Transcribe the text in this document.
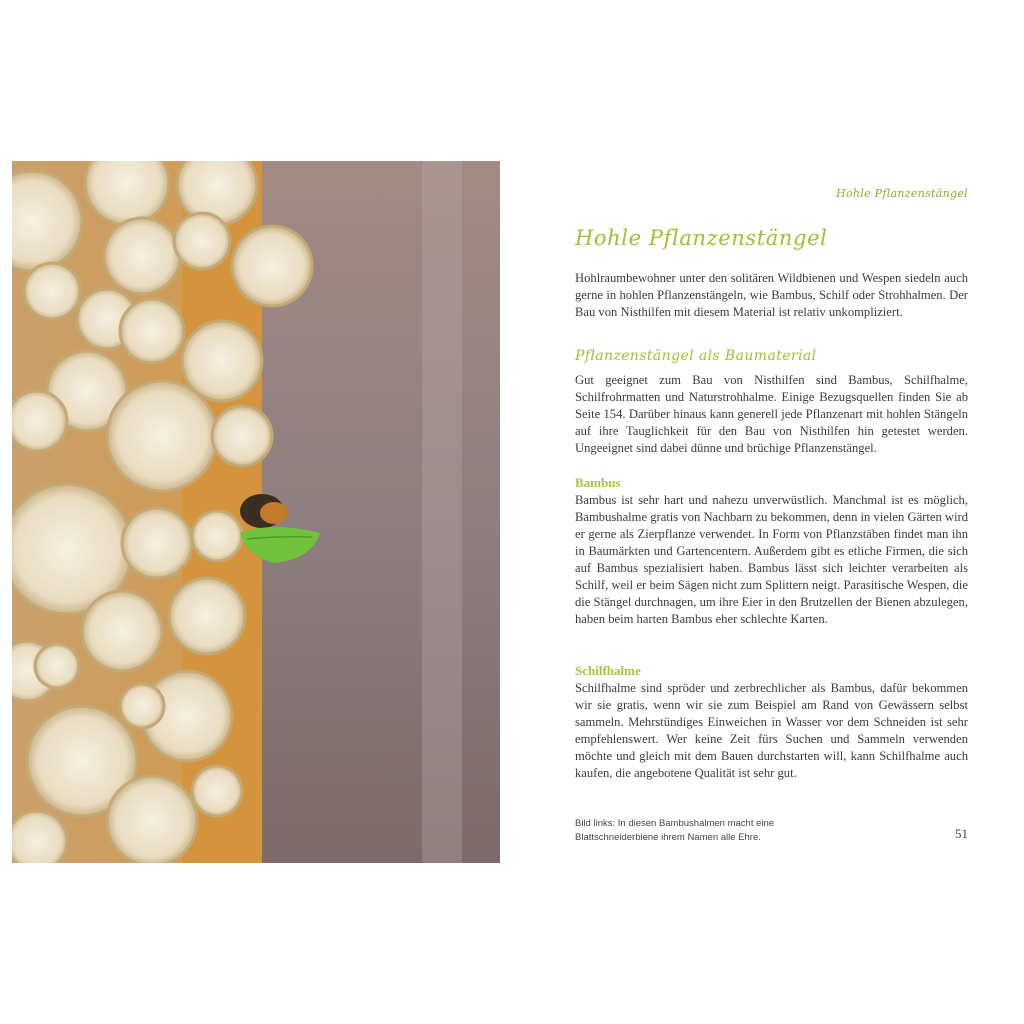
Hohle Pflanzenstängel
Hohle Pflanzenstängel

Hohlraumbewohner unter den solitären Wildbienen und Wespen siedeln auch gerne in hohlen Pflanzenstängeln, wie Bambus, Schilf oder Strohhalmen. Der Bau von Nisthilfen mit diesem Material ist relativ unkompliziert.

Pflanzenstängel als Baumaterial

Gut geeignet zum Bau von Nisthilfen sind Bambus, Schilfhalme, Schilfrohrmatten und Naturstrohhalme. Einige Bezugsquellen finden Sie ab Seite 154. Darüber hinaus kann generell jede Pflanzenart mit hohlen Stängeln auf ihre Tauglichkeit für den Bau von Nisthilfen hin getestet werden. Ungeeignet sind dabei dünne und brüchige Pflanzenstängel.

Bambus

Bambus ist sehr hart und nahezu unverwüstlich. Manchmal ist es möglich, Bambushalme gratis von Nachbarn zu bekommen, denn in vielen Gärten wird er gerne als Zierpflanze verwendet. In Form von Pflanzstäben findet man ihn in Baumärkten und Gartencentern. Außerdem gibt es etliche Firmen, die sich auf Bambus spezialisiert haben. Bambus lässt sich leichter verarbeiten als Schilf, weil er beim Sägen nicht zum Splittern neigt. Parasitische Wespen, die die Stängel durchnagen, um ihre Eier in den Brutzellen der Bienen abzulegen, haben beim harten Bambus eher schlechte Karten.

Schilfhalme

Schilfhalme sind spröder und zerbrechlicher als Bambus, dafür bekommen wir sie gratis, wenn wir sie zum Beispiel am Rand von Gewässern selbst sammeln. Mehrstündiges Einweichen in Wasser vor dem Schneiden ist sehr empfehlenswert. Wer keine Zeit fürs Suchen und Sammeln verwenden möchte und gleich mit dem Bauen durchstarten will, kann Schilfhalme auch kaufen, die angebotene Qualität ist sehr gut.

Bild links: In diesen Bambushalmen macht eine
Blattschneiderbiene ihrem Namen alle Ehre.	51
